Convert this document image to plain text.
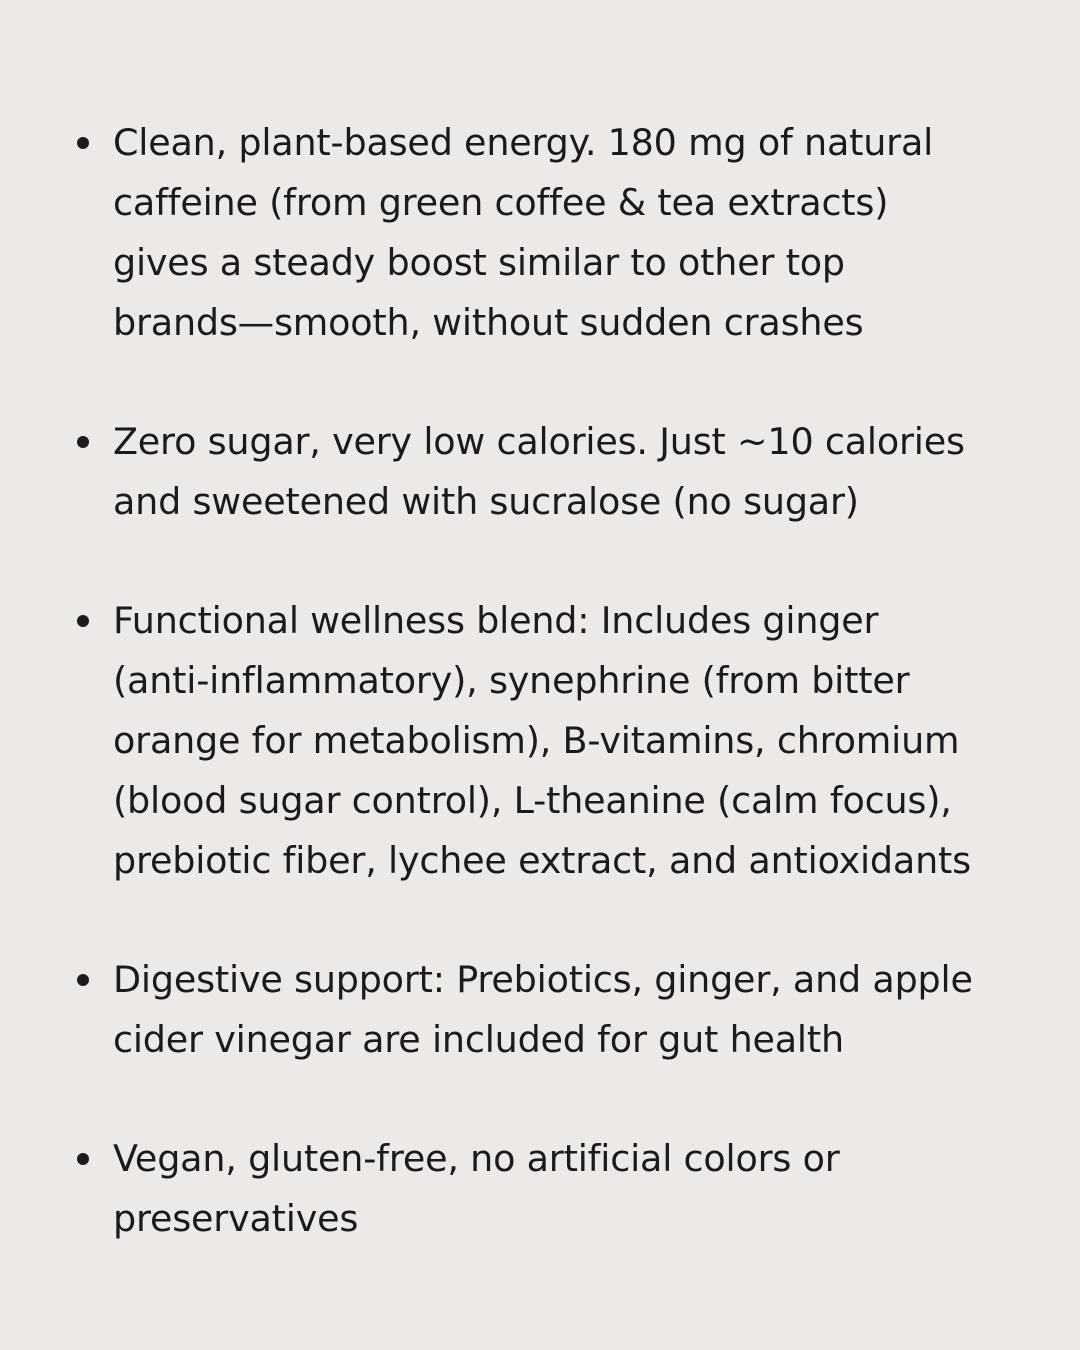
Clean, plant-based energy. 180 mg of natural
caffeine (from green coffee & tea extracts)
gives a steady boost similar to other top
brands—smooth, without sudden crashes
Zero sugar, very low calories. Just ~10 calories
and sweetened with sucralose (no sugar)
Functional wellness blend: Includes ginger
(anti-inflammatory), synephrine (from bitter
orange for metabolism), B-vitamins, chromium
(blood sugar control), L-theanine (calm focus),
prebiotic fiber, lychee extract, and antioxidants
Digestive support: Prebiotics, ginger, and apple
cider vinegar are included for gut health
Vegan, gluten-free, no artificial colors or
preservatives
